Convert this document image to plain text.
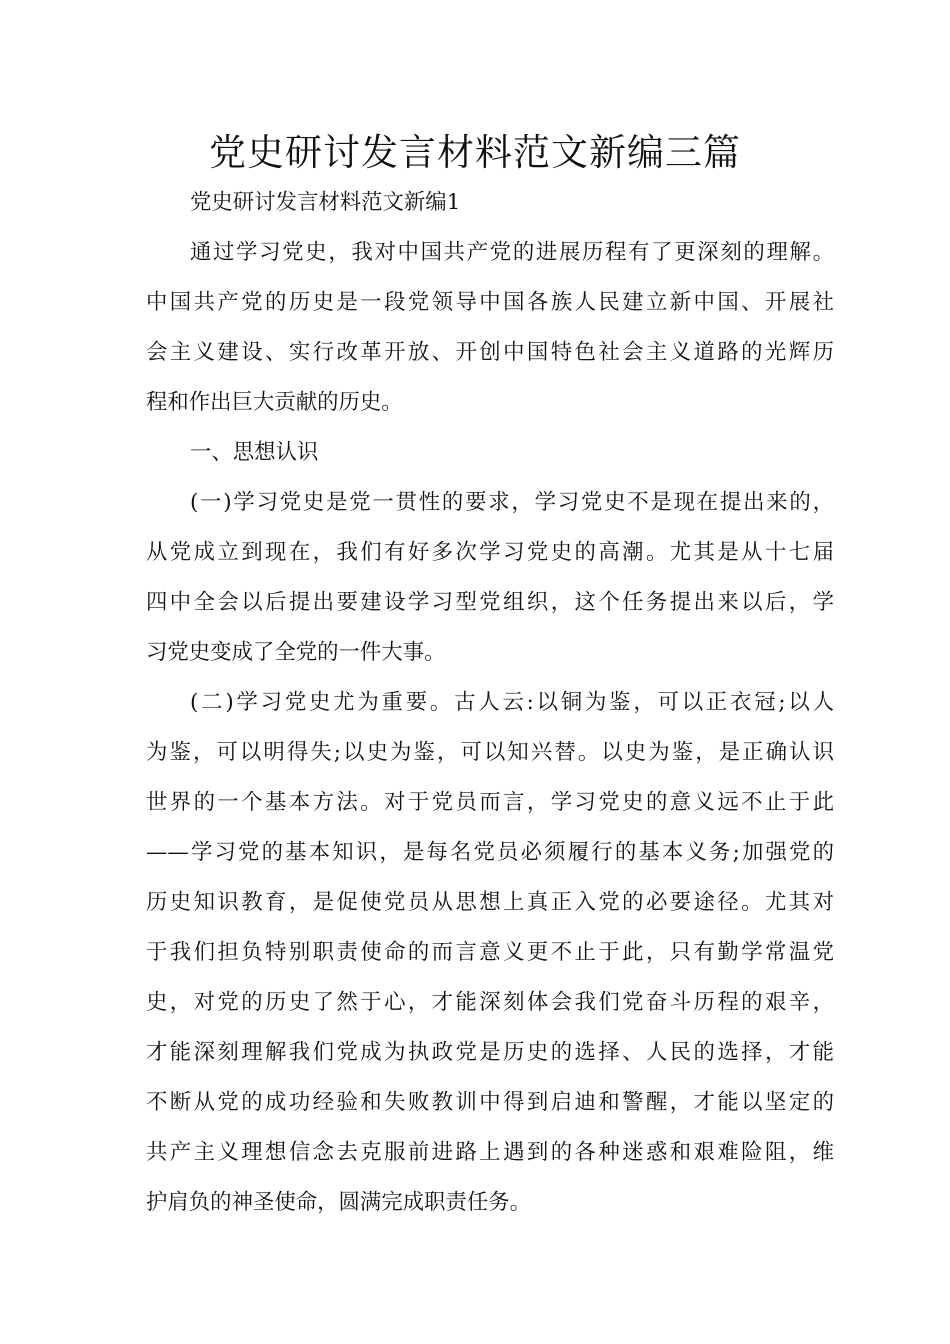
党史研讨发言材料范文新编三篇
党史研讨发言材料范文新编1
通过学习党史，我对中国共产党的进展历程有了更深刻的理解。
中国共产党的历史是一段党领导中国各族人民建立新中国、开展社
会主义建设、实行改革开放、开创中国特色社会主义道路的光辉历
程和作出巨大贡献的历史。
一、思想认识
(一)学习党史是党一贯性的要求，学习党史不是现在提出来的，
从党成立到现在，我们有好多次学习党史的高潮。尤其是从十七届
四中全会以后提出要建设学习型党组织，这个任务提出来以后，学
习党史变成了全党的一件大事。
(二)学习党史尤为重要。古人云:以铜为鉴，可以正衣冠;以人
为鉴，可以明得失;以史为鉴，可以知兴替。以史为鉴，是正确认识
世界的一个基本方法。对于党员而言，学习党史的意义远不止于此
——学习党的基本知识，是每名党员必须履行的基本义务;加强党的
历史知识教育，是促使党员从思想上真正入党的必要途径。尤其对
于我们担负特别职责使命的而言意义更不止于此，只有勤学常温党
史，对党的历史了然于心，才能深刻体会我们党奋斗历程的艰辛，
才能深刻理解我们党成为执政党是历史的选择、人民的选择，才能
不断从党的成功经验和失败教训中得到启迪和警醒，才能以坚定的
共产主义理想信念去克服前进路上遇到的各种迷惑和艰难险阻，维
护肩负的神圣使命，圆满完成职责任务。
